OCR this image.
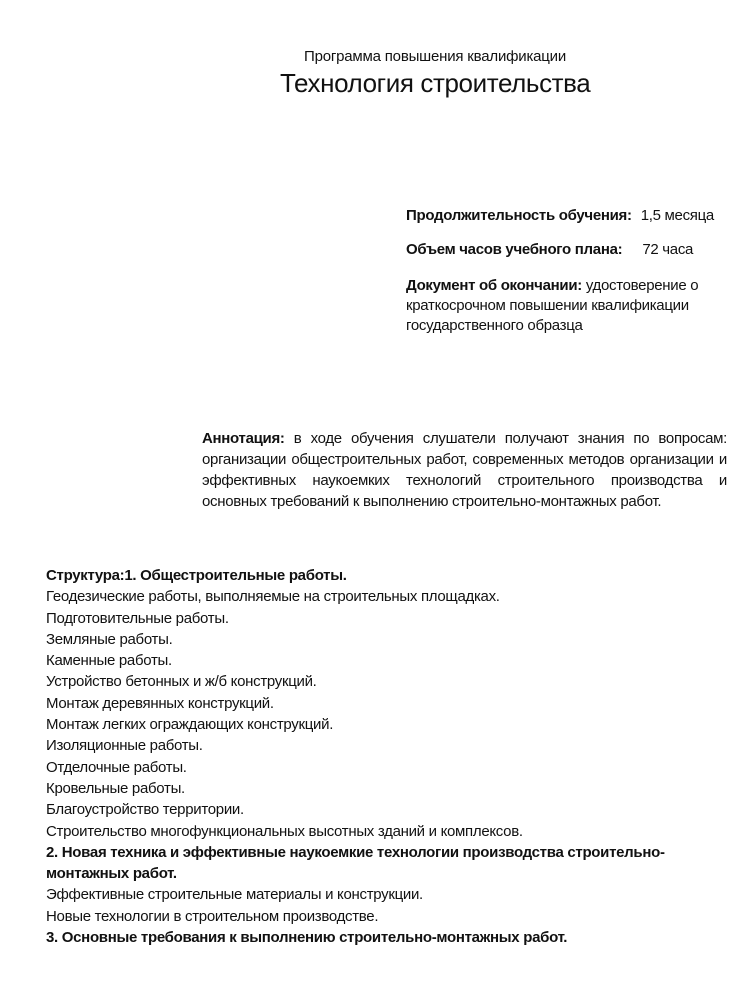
Программа повышения квалификации
Технология строительства
Продолжительность обучения: 1,5 месяца
Объем часов учебного плана: 72 часа
Документ об окончании: удостоверение о краткосрочном повышении квалификации государственного образца
Аннотация: в ходе обучения слушатели получают знания по вопросам: организации общестроительных работ, современных методов организации и эффективных наукоемких технологий строительного производства и основных требований к выполнению строительно-монтажных работ.
Структура:1. Общестроительные работы.
Геодезические работы, выполняемые на строительных площадках.
Подготовительные работы.
Земляные работы.
Каменные работы.
Устройство бетонных и ж/б конструкций.
Монтаж деревянных конструкций.
Монтаж легких ограждающих конструкций.
Изоляционные работы.
Отделочные работы.
Кровельные работы.
Благоустройство территории.
Строительство многофункциональных высотных зданий и комплексов.
2. Новая техника и эффективные наукоемкие технологии производства строительно-монтажных работ.
Эффективные строительные материалы и конструкции.
Новые технологии в строительном производстве.
3. Основные требования к выполнению строительно-монтажных работ.
